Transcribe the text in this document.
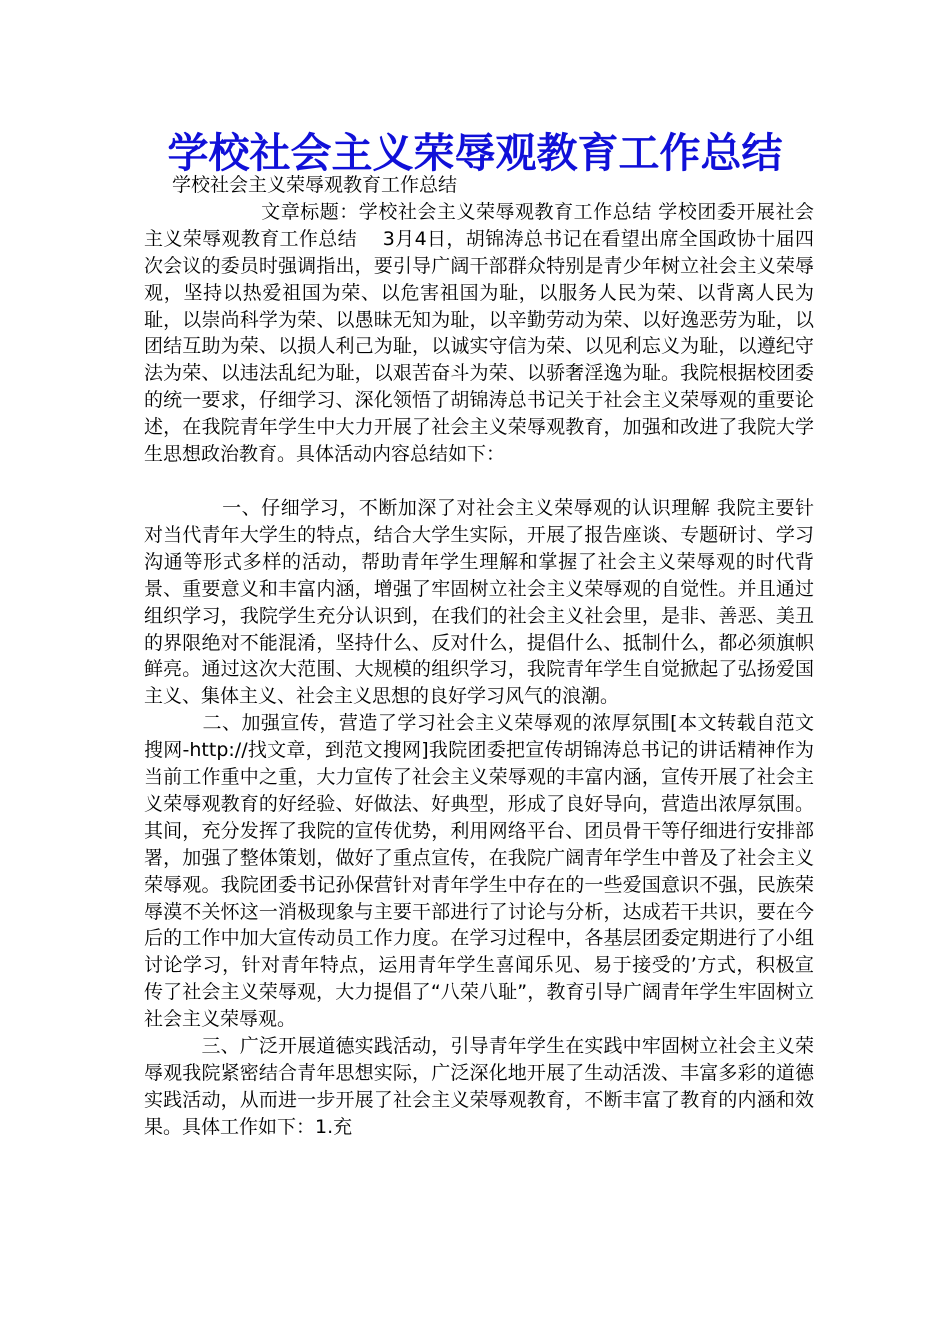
学校社会主义荣辱观教育工作总结

学校社会主义荣辱观教育工作总结

　　　　　　文章标题：学校社会主义荣辱观教育工作总结 学校团委开展社会主义荣辱观教育工作总结　 3月4日，胡锦涛总书记在看望出席全国政协十届四次会议的委员时强调指出，要引导广阔干部群众特别是青少年树立社会主义荣辱观，坚持以热爱祖国为荣、以危害祖国为耻，以服务人民为荣、以背离人民为耻，以崇尚科学为荣、以愚昧无知为耻，以辛勤劳动为荣、以好逸恶劳为耻，以团结互助为荣、以损人利己为耻，以诚实守信为荣、以见利忘义为耻，以遵纪守法为荣、以违法乱纪为耻，以艰苦奋斗为荣、以骄奢淫逸为耻。我院根据校团委的统一要求，仔细学习、深化领悟了胡锦涛总书记关于社会主义荣辱观的重要论述，在我院青年学生中大力开展了社会主义荣辱观教育，加强和改进了我院大学生思想政治教育。具体活动内容总结如下：

　　　　一、仔细学习，不断加深了对社会主义荣辱观的认识理解 我院主要针对当代青年大学生的特点，结合大学生实际，开展了报告座谈、专题研讨、学习沟通等形式多样的活动，帮助青年学生理解和掌握了社会主义荣辱观的时代背景、重要意义和丰富内涵，增强了牢固树立社会主义荣辱观的自觉性。并且通过组织学习，我院学生充分认识到，在我们的社会主义社会里，是非、善恶、美丑的界限绝对不能混淆，坚持什么、反对什么，提倡什么、抵制什么，都必须旗帜鲜亮。通过这次大范围、大规模的组织学习，我院青年学生自觉掀起了弘扬爱国主义、集体主义、社会主义思想的良好学习风气的浪潮。

　　　二、加强宣传，营造了学习社会主义荣辱观的浓厚氛围[本文转载自范文搜网-http://找文章，到范文搜网]我院团委把宣传胡锦涛总书记的讲话精神作为当前工作重中之重，大力宣传了社会主义荣辱观的丰富内涵，宣传开展了社会主义荣辱观教育的好经验、好做法、好典型，形成了良好导向，营造出浓厚氛围。其间，充分发挥了我院的宣传优势，利用网络平台、团员骨干等仔细进行安排部署，加强了整体策划，做好了重点宣传，在我院广阔青年学生中普及了社会主义荣辱观。我院团委书记孙保营针对青年学生中存在的一些爱国意识不强，民族荣辱漠不关怀这一消极现象与主要干部进行了讨论与分析，达成若干共识，要在今后的工作中加大宣传动员工作力度。在学习过程中，各基层团委定期进行了小组讨论学习，针对青年特点，运用青年学生喜闻乐见、易于接受的’方式，积极宣传了社会主义荣辱观，大力提倡了“八荣八耻”，教育引导广阔青年学生牢固树立社会主义荣辱观。

　　　三、广泛开展道德实践活动，引导青年学生在实践中牢固树立社会主义荣辱观我院紧密结合青年思想实际，广泛深化地开展了生动活泼、丰富多彩的道德实践活动，从而进一步开展了社会主义荣辱观教育，不断丰富了教育的内涵和效果。具体工作如下：1.充
